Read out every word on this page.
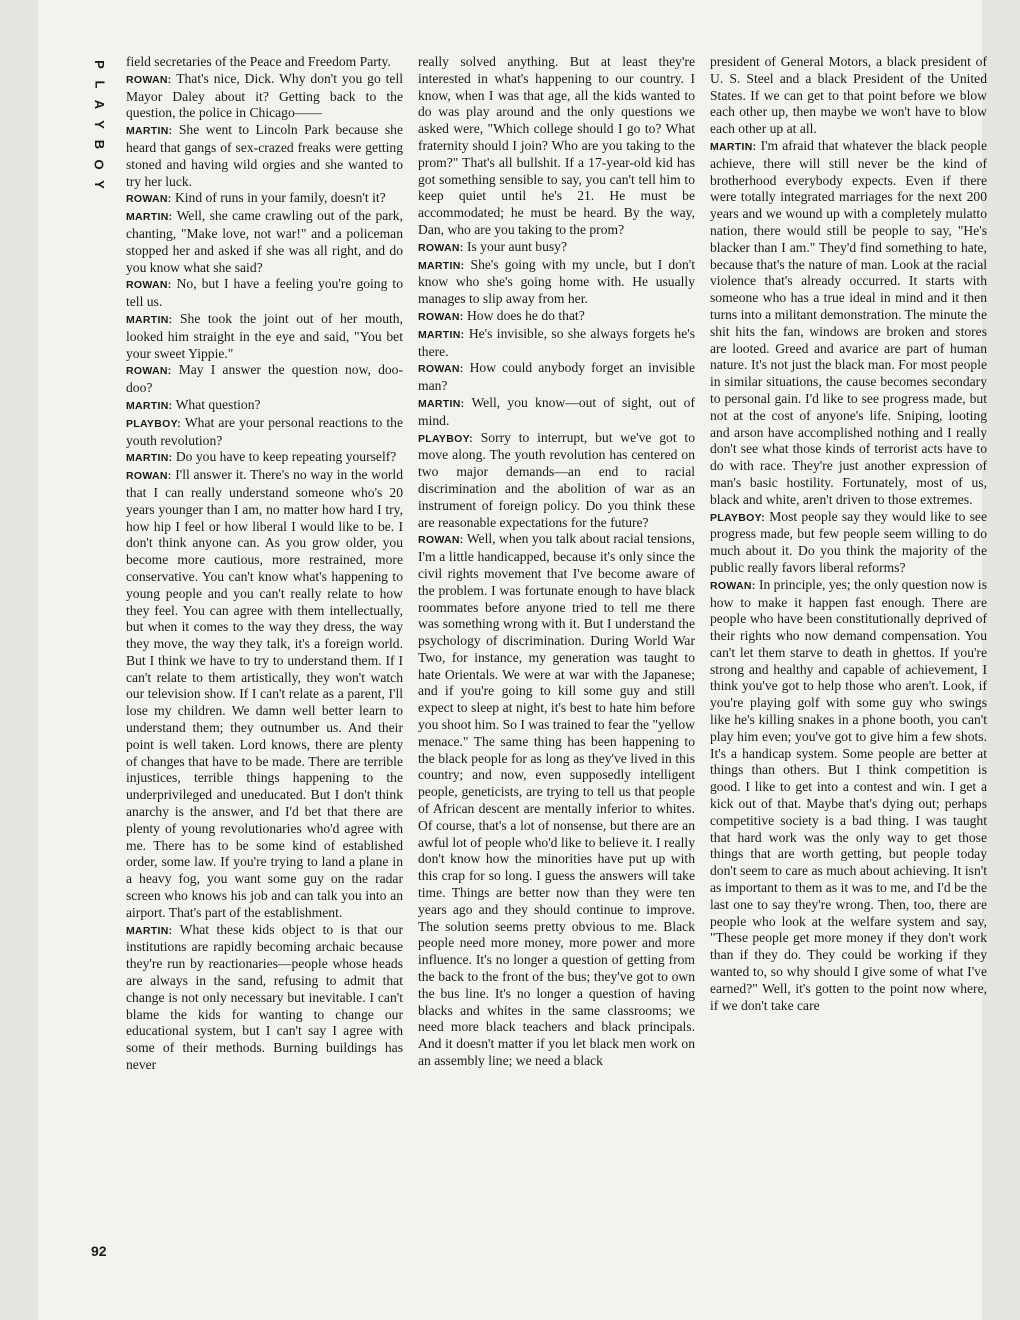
P
L
A
Y
B
O
Y
92

field secretaries of the Peace and Freedom Party.

ROWAN: That's nice, Dick. Why don't you go tell Mayor Daley about it? Getting back to the question, the police in Chicago——

MARTIN: She went to Lincoln Park because she heard that gangs of sex-crazed freaks were getting stoned and having wild orgies and she wanted to try her luck.

ROWAN: Kind of runs in your family, doesn't it?

MARTIN: Well, she came crawling out of the park, chanting, "Make love, not war!" and a policeman stopped her and asked if she was all right, and do you know what she said?

ROWAN: No, but I have a feeling you're going to tell us.

MARTIN: She took the joint out of her mouth, looked him straight in the eye and said, "You bet your sweet Yippie."

ROWAN: May I answer the question now, doo-doo?

MARTIN: What question?

PLAYBOY: What are your personal reactions to the youth revolution?

MARTIN: Do you have to keep repeating yourself?

ROWAN: I'll answer it. There's no way in the world that I can really understand someone who's 20 years younger than I am, no matter how hard I try, how hip I feel or how liberal I would like to be. I don't think anyone can. As you grow older, you become more cautious, more restrained, more conservative. You can't know what's happening to young people and you can't really relate to how they feel. You can agree with them intellectually, but when it comes to the way they dress, the way they move, the way they talk, it's a foreign world. But I think we have to try to understand them. If I can't relate to them artistically, they won't watch our television show. If I can't relate as a parent, I'll lose my children. We damn well better learn to understand them; they outnumber us. And their point is well taken. Lord knows, there are plenty of changes that have to be made. There are terrible injustices, terrible things happening to the underprivileged and uneducated. But I don't think anarchy is the answer, and I'd bet that there are plenty of young revolutionaries who'd agree with me. There has to be some kind of established order, some law. If you're trying to land a plane in a heavy fog, you want some guy on the radar screen who knows his job and can talk you into an airport. That's part of the establishment.

MARTIN: What these kids object to is that our institutions are rapidly becoming archaic because they're run by reactionaries—people whose heads are always in the sand, refusing to admit that change is not only necessary but inevitable. I can't blame the kids for wanting to change our educational system, but I can't say I agree with some of their methods. Burning buildings has never

really solved anything. But at least they're interested in what's happening to our country. I know, when I was that age, all the kids wanted to do was play around and the only questions we asked were, "Which college should I go to? What fraternity should I join? Who are you taking to the prom?" That's all bullshit. If a 17-year-old kid has got something sensible to say, you can't tell him to keep quiet until he's 21. He must be accommodated; he must be heard. By the way, Dan, who are you taking to the prom?

ROWAN: Is your aunt busy?

MARTIN: She's going with my uncle, but I don't know who she's going home with. He usually manages to slip away from her.

ROWAN: How does he do that?

MARTIN: He's invisible, so she always forgets he's there.

ROWAN: How could anybody forget an invisible man?

MARTIN: Well, you know—out of sight, out of mind.

PLAYBOY: Sorry to interrupt, but we've got to move along. The youth revolution has centered on two major demands—an end to racial discrimination and the abolition of war as an instrument of foreign policy. Do you think these are reasonable expectations for the future?

ROWAN: Well, when you talk about racial tensions, I'm a little handicapped, because it's only since the civil rights movement that I've become aware of the problem. I was fortunate enough to have black roommates before anyone tried to tell me there was something wrong with it. But I understand the psychology of discrimination. During World War Two, for instance, my generation was taught to hate Orientals. We were at war with the Japanese; and if you're going to kill some guy and still expect to sleep at night, it's best to hate him before you shoot him. So I was trained to fear the "yellow menace." The same thing has been happening to the black people for as long as they've lived in this country; and now, even supposedly intelligent people, geneticists, are trying to tell us that people of African descent are mentally inferior to whites. Of course, that's a lot of nonsense, but there are an awful lot of people who'd like to believe it. I really don't know how the minorities have put up with this crap for so long. I guess the answers will take time. Things are better now than they were ten years ago and they should continue to improve. The solution seems pretty obvious to me. Black people need more money, more power and more influence. It's no longer a question of getting from the back to the front of the bus; they've got to own the bus line. It's no longer a question of having blacks and whites in the same classrooms; we need more black teachers and black principals. And it doesn't matter if you let black men work on an assembly line; we need a black

president of General Motors, a black president of U. S. Steel and a black President of the United States. If we can get to that point before we blow each other up, then maybe we won't have to blow each other up at all.

MARTIN: I'm afraid that whatever the black people achieve, there will still never be the kind of brotherhood everybody expects. Even if there were totally integrated marriages for the next 200 years and we wound up with a completely mulatto nation, there would still be people to say, "He's blacker than I am." They'd find something to hate, because that's the nature of man. Look at the racial violence that's already occurred. It starts with someone who has a true ideal in mind and it then turns into a militant demonstration. The minute the shit hits the fan, windows are broken and stores are looted. Greed and avarice are part of human nature. It's not just the black man. For most people in similar situations, the cause becomes secondary to personal gain. I'd like to see progress made, but not at the cost of anyone's life. Sniping, looting and arson have accomplished nothing and I really don't see what those kinds of terrorist acts have to do with race. They're just another expression of man's basic hostility. Fortunately, most of us, black and white, aren't driven to those extremes.

PLAYBOY: Most people say they would like to see progress made, but few people seem willing to do much about it. Do you think the majority of the public really favors liberal reforms?

ROWAN: In principle, yes; the only question now is how to make it happen fast enough. There are people who have been constitutionally deprived of their rights who now demand compensation. You can't let them starve to death in ghettos. If you're strong and healthy and capable of achievement, I think you've got to help those who aren't. Look, if you're playing golf with some guy who swings like he's killing snakes in a phone booth, you can't play him even; you've got to give him a few shots. It's a handicap system. Some people are better at things than others. But I think competition is good. I like to get into a contest and win. I get a kick out of that. Maybe that's dying out; perhaps competitive society is a bad thing. I was taught that hard work was the only way to get those things that are worth getting, but people today don't seem to care as much about achieving. It isn't as important to them as it was to me, and I'd be the last one to say they're wrong. Then, too, there are people who look at the welfare system and say, "These people get more money if they don't work than if they do. They could be working if they wanted to, so why should I give some of what I've earned?" Well, it's gotten to the point now where, if we don't take care
